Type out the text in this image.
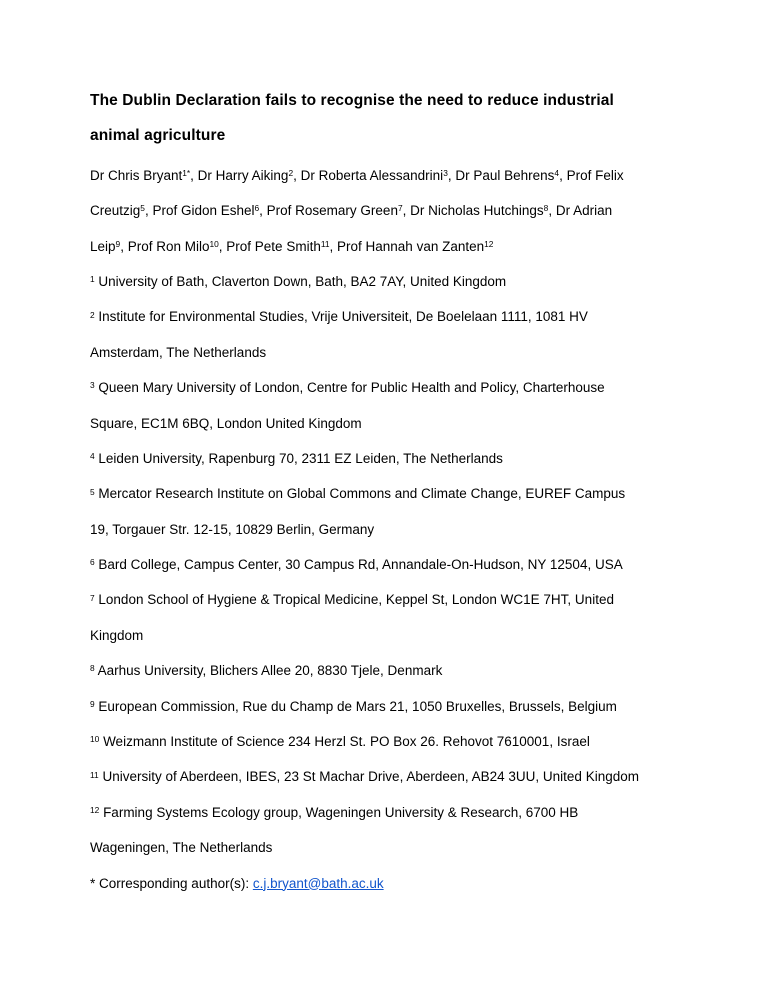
The Dublin Declaration fails to recognise the need to reduce industrial
animal agriculture
Dr Chris Bryant$^{1*}$, Dr Harry Aiking$^2$, Dr Roberta Alessandrini$^3$, Dr Paul Behrens$^4$, Prof Felix
Creutzig$^5$, Prof Gidon Eshel$^6$, Prof Rosemary Green$^7$, Dr Nicholas Hutchings$^8$, Dr Adrian
Leip$^9$, Prof Ron Milo$^{10}$, Prof Pete Smith$^{11}$, Prof Hannah van Zanten$^{12}$
$^1$ University of Bath, Claverton Down, Bath, BA2 7AY, United Kingdom
$^2$ Institute for Environmental Studies, Vrije Universiteit, De Boelelaan 1111, 1081 HV
Amsterdam, The Netherlands
$^3$ Queen Mary University of London, Centre for Public Health and Policy, Charterhouse
Square, EC1M 6BQ, London United Kingdom
$^4$ Leiden University, Rapenburg 70, 2311 EZ Leiden, The Netherlands
$^5$ Mercator Research Institute on Global Commons and Climate Change, EUREF Campus
19, Torgauer Str. 12-15, 10829 Berlin, Germany
$^6$ Bard College, Campus Center, 30 Campus Rd, Annandale-On-Hudson, NY 12504, USA
$^7$ London School of Hygiene & Tropical Medicine, Keppel St, London WC1E 7HT, United
Kingdom
$^8$ Aarhus University, Blichers Allee 20, 8830 Tjele, Denmark
$^9$ European Commission, Rue du Champ de Mars 21, 1050 Bruxelles, Brussels, Belgium
$^{10}$ Weizmann Institute of Science 234 Herzl St. PO Box 26. Rehovot 7610001, Israel
$^{11}$ University of Aberdeen, IBES, 23 St Machar Drive, Aberdeen, AB24 3UU, United Kingdom
$^{12}$ Farming Systems Ecology group, Wageningen University & Research, 6700 HB
Wageningen, The Netherlands
* Corresponding author(s): c.j.bryant@bath.ac.uk
